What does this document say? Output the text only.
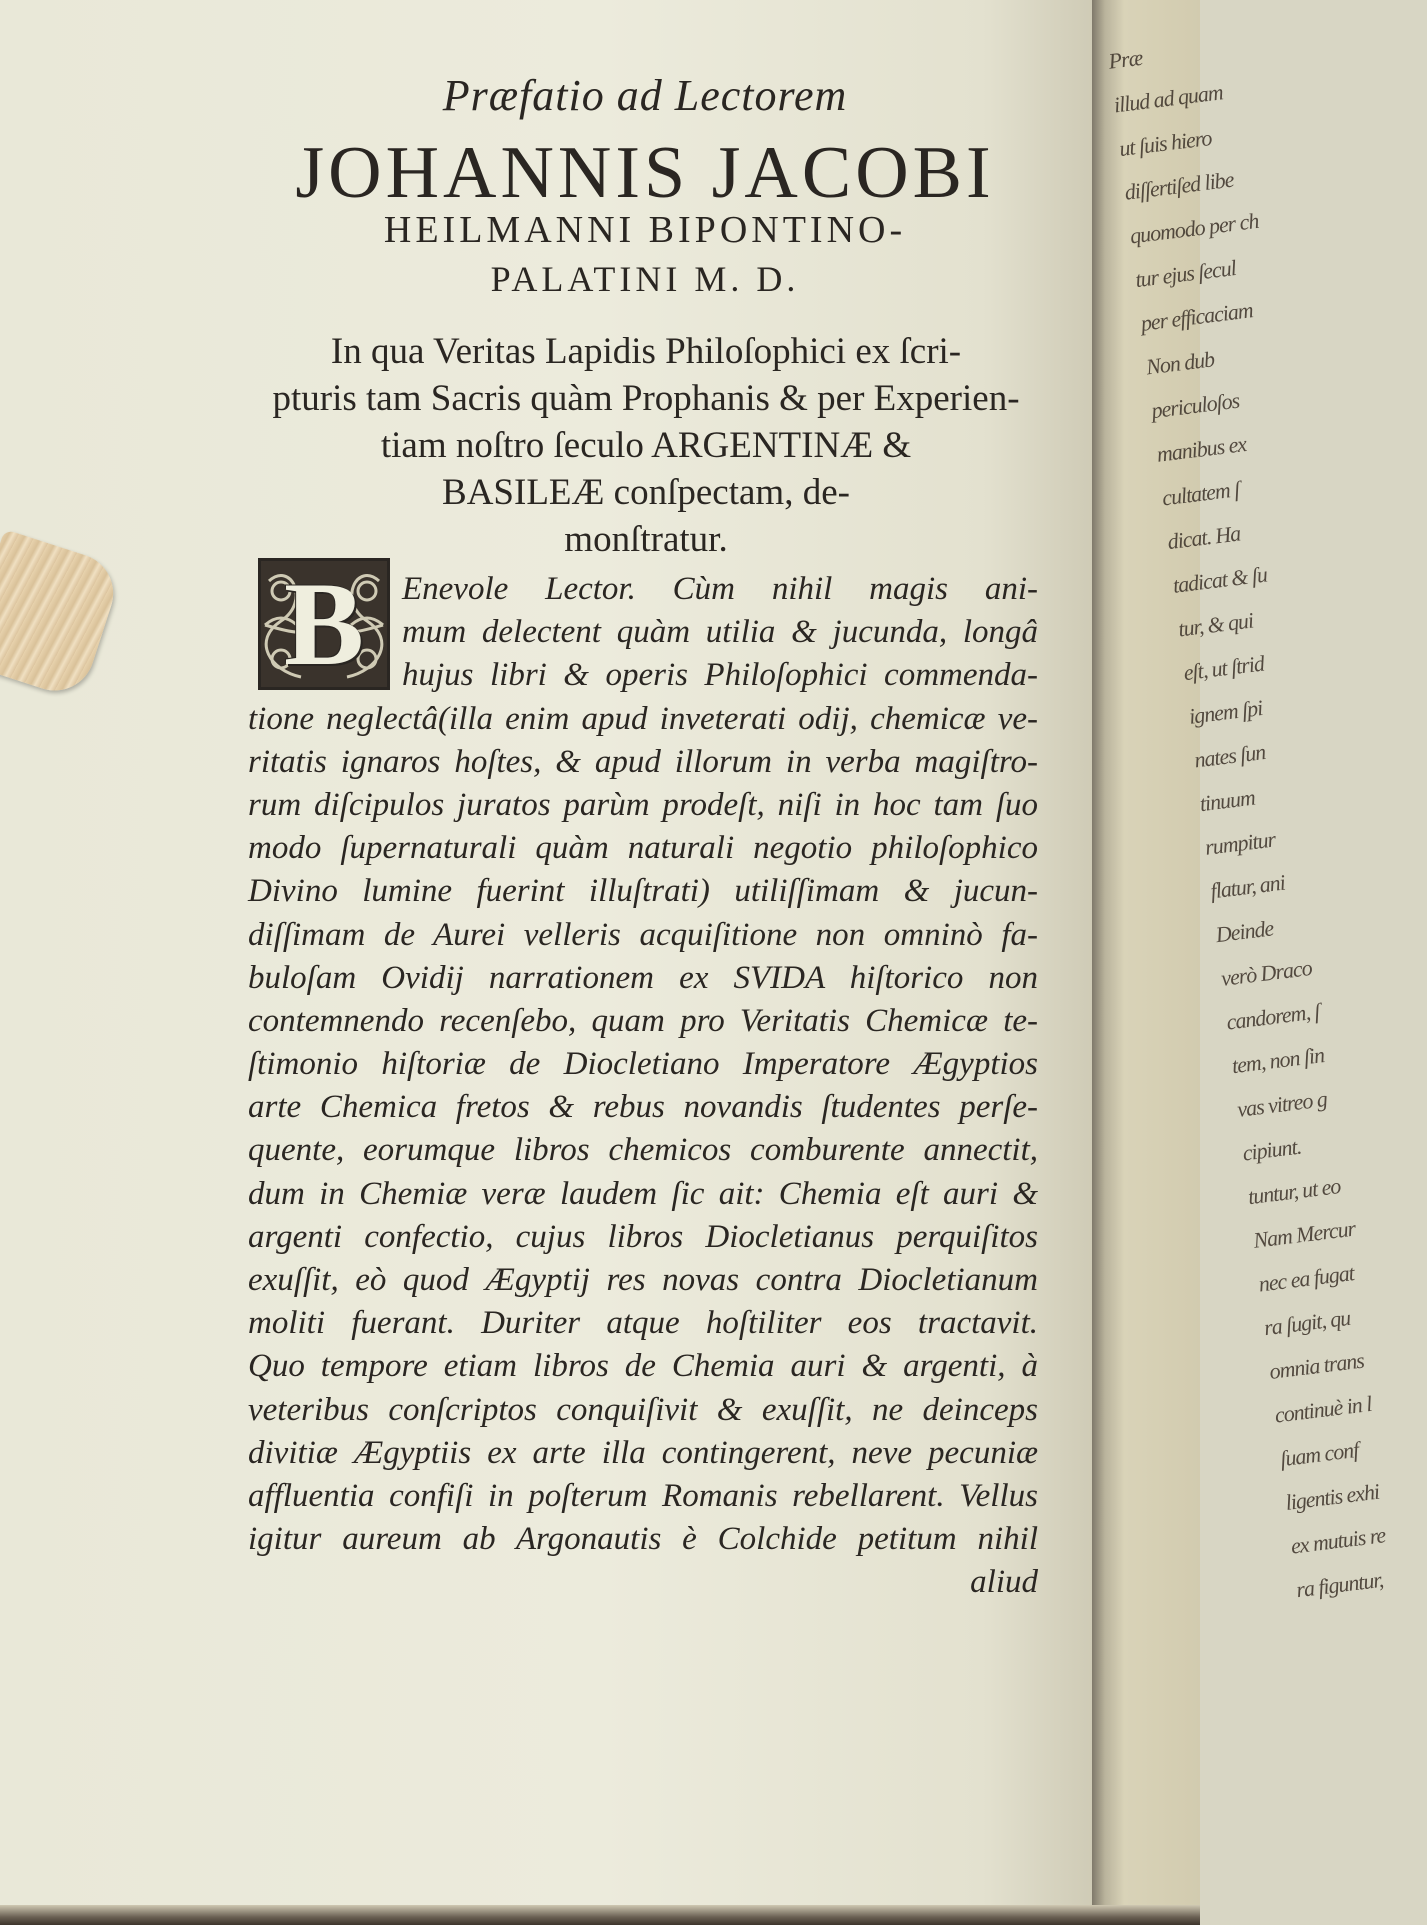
Præfatio ad Lectorem
JOHANNIS JACOBI
HEILMANNI BIPONTINO-
PALATINI M. D.
In qua Veritas Lapidis Philoſophici ex ſcri-
pturis tam Sacris quàm Prophanis & per Experien-
tiam noſtro ſeculo ARGENTINÆ &
BASILEÆ conſpectam, de-
monſtratur.
B	Enevole Lector. Cùm nihil magis ani-
mum delectent quàm utilia & jucunda, longâ
hujus libri & operis Philoſophici commenda-
tione neglectâ(illa enim apud inveterati odij, chemicæ ve-
ritatis ignaros hoſtes, & apud illorum in verba magiſtro-
rum diſcipulos juratos parùm prodeſt, niſi in hoc tam ſuo
modo ſupernaturali quàm naturali negotio philoſophico
Divino lumine fuerint illuſtrati) utiliſſimam & jucun-
diſſimam de Aurei velleris acquiſitione non omninò fa-
buloſam Ovidij narrationem ex SVIDA hiſtorico non
contemnendo recenſebo, quam pro Veritatis Chemicæ te-
ſtimonio hiſtoriæ de Diocletiano Imperatore Ægyptios
arte Chemica fretos & rebus novandis ſtudentes perſe-
quente, eorumque libros chemicos comburente annectit,
dum in Chemiæ veræ laudem ſic ait: Chemia eſt auri &
argenti confectio, cujus libros Diocletianus perquiſitos
exuſſit, eò quod Ægyptij res novas contra Diocletianum
moliti fuerant. Duriter atque hoſtiliter eos tractavit.
Quo tempore etiam libros de Chemia auri & argenti, à
veteribus conſcriptos conquiſivit & exuſſit, ne deinceps
divitiæ Ægyptiis ex arte illa contingerent, neve pecuniæ
affluentia confiſi in poſterum Romanis rebellarent. Vellus
igitur aureum ab Argonautis è Colchide petitum nihil
aliud
Præ
illud ad quam
ut ſuis hiero
diſſertiſed libe
quomodo per ch
tur ejus ſecul
per efficaciam
Non dub
periculoſos
manibus ex
cultatem ſ
dicat. Ha
tadicat & ſu
tur, & qui
eſt, ut ſtrid
ignem ſpi
nates ſun
tinuum
rumpitur
flatur, ani
Deinde
verò Draco
candorem, ſ
tem, non ſin
vas vitreo g
cipiunt.
tuntur, ut eo
Nam Mercur
nec ea fugat
ra ſugit, qu
omnia trans
continuè in l
ſuam conf
ligentis exhi
ex mutuis re
ra figuntur,
